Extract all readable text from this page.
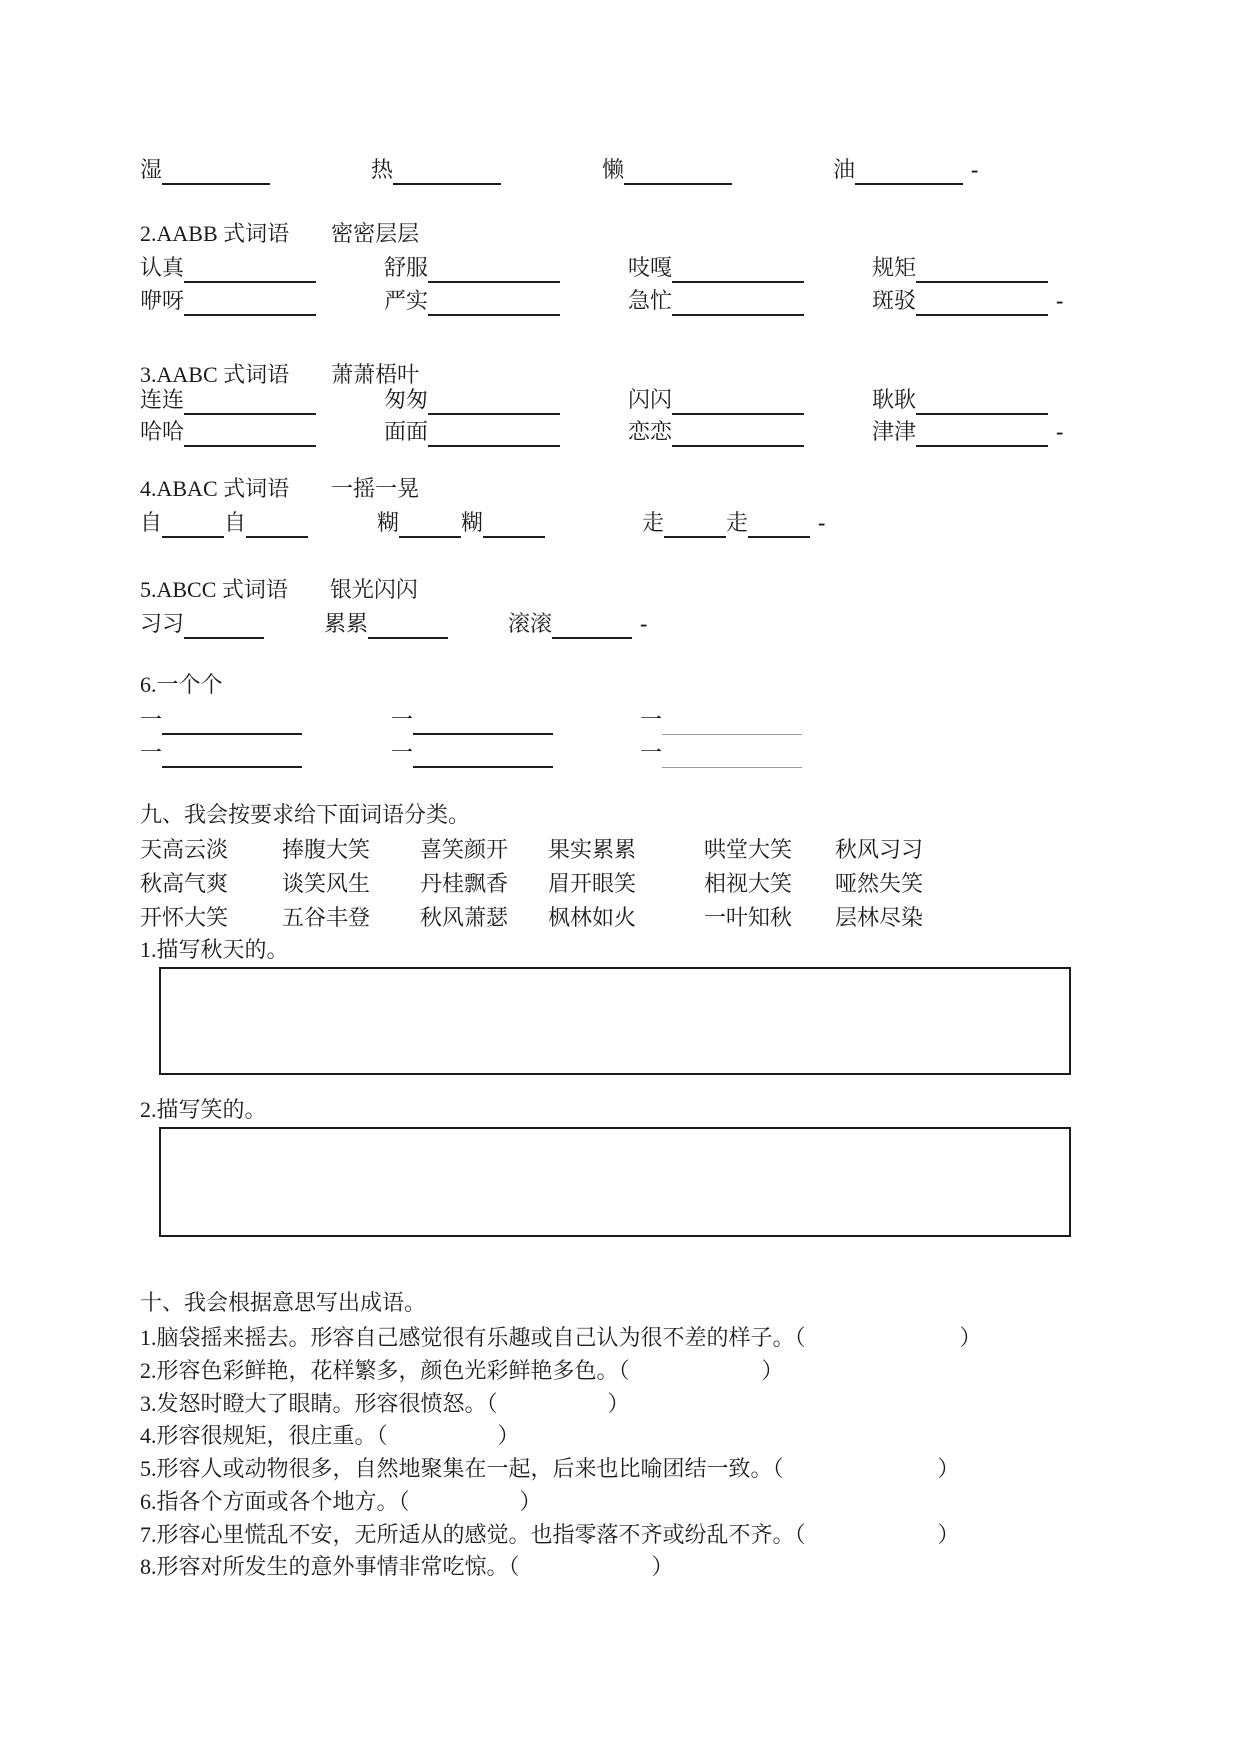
湿	热	懒	油	-
2.AABB 式词语 密密层层
认真	舒服	吱嘎	规矩
咿呀	严实	急忙	斑驳	-
3.AABC 式词语 萧萧梧叶
连连	匆匆	闪闪	耿耿
哈哈	面面	恋恋	津津	-
4.ABAC 式词语 一摇一晃
自	自	糊	糊	走	走	-
5.ABCC 式词语 银光闪闪
习习	累累	滚滚	-
6.一个个
一	一	一
一	一	一
九、我会按要求给下面词语分类。
天高云淡	捧腹大笑	喜笑颜开	果实累累	哄堂大笑	秋风习习
秋高气爽	谈笑风生	丹桂飘香	眉开眼笑	相视大笑	哑然失笑
开怀大笑	五谷丰登	秋风萧瑟	枫林如火	一叶知秋	层林尽染
1.描写秋天的。
2.描写笑的。
十、我会根据意思写出成语。
1.脑袋摇来摇去。形容自己感觉很有乐趣或自己认为很不差的样子。（　　　　　　　）
2.形容色彩鲜艳，花样繁多，颜色光彩鲜艳多色。（　　　　　　）
3.发怒时瞪大了眼睛。形容很愤怒。（　　　　　）
4.形容很规矩，很庄重。（　　　　　）
5.形容人或动物很多，自然地聚集在一起，后来也比喻团结一致。（　　　　　　　）
6.指各个方面或各个地方。（　　　　　）
7.形容心里慌乱不安，无所适从的感觉。也指零落不齐或纷乱不齐。（　　　　　　）
8.形容对所发生的意外事情非常吃惊。（　　　　　　）
